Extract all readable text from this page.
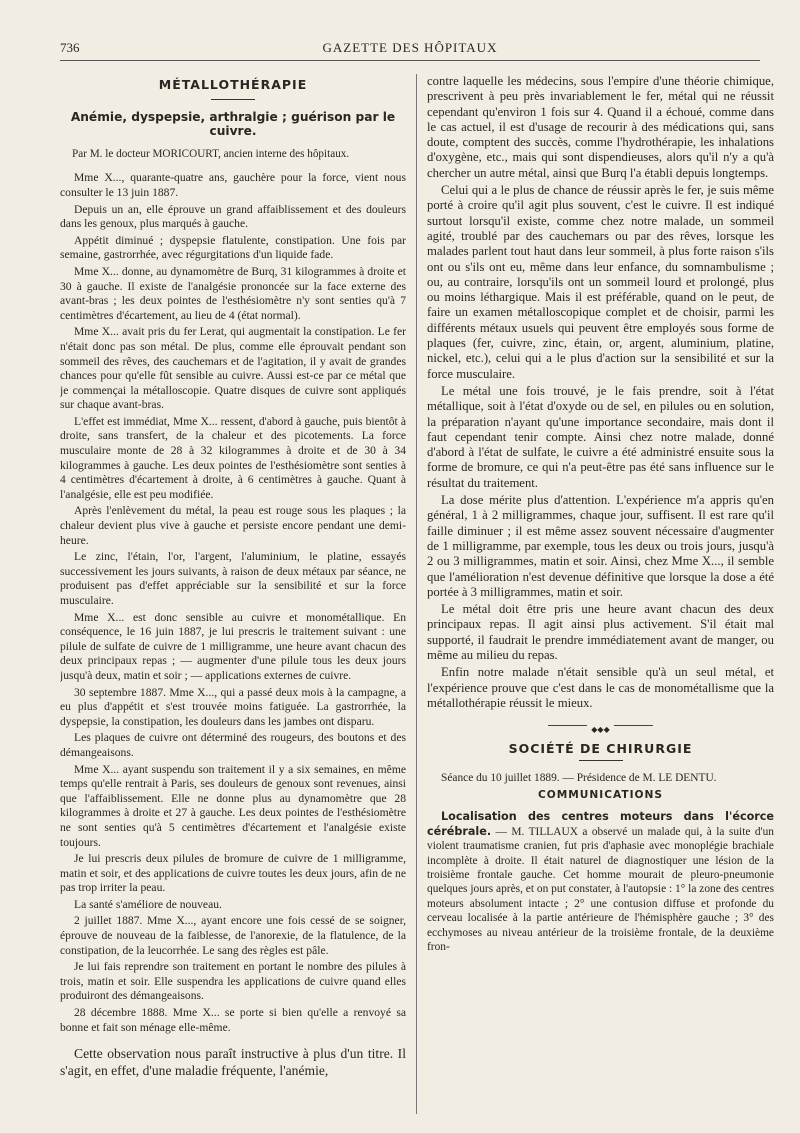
736	GAZETTE DES HÔPITAUX
MÉTALLOTHÉRAPIE
Anémie, dyspepsie, arthralgie ; guérison par le cuivre.
Par M. le docteur MORICOURT, ancien interne des hôpitaux.

Mme X..., quarante-quatre ans, gauchère pour la force, vient nous consulter le 13 juin 1887.

Depuis un an, elle éprouve un grand affaiblissement et des douleurs dans les genoux, plus marqués à gauche.

Appétit diminué ; dyspepsie flatulente, constipation. Une fois par semaine, gastrorrhée, avec régurgitations d'un liquide fade.

Mme X... donne, au dynamomètre de Burq, 31 kilogrammes à droite et 30 à gauche. Il existe de l'analgésie prononcée sur la face externe des avant-bras ; les deux pointes de l'esthésiomètre n'y sont senties qu'à 7 centimètres d'écartement, au lieu de 4 (état normal).

Mme X... avait pris du fer Lerat, qui augmentait la constipation. Le fer n'était donc pas son métal. De plus, comme elle éprouvait pendant son sommeil des rêves, des cauchemars et de l'agitation, il y avait de grandes chances pour qu'elle fût sensible au cuivre. Aussi est-ce par ce métal que je commençai la métalloscopie. Quatre disques de cuivre sont appliqués sur chaque avant-bras.

L'effet est immédiat, Mme X... ressent, d'abord à gauche, puis bientôt à droite, sans transfert, de la chaleur et des picotements. La force musculaire monte de 28 à 32 kilogrammes à droite et de 30 à 34 kilogrammes à gauche. Les deux pointes de l'esthésiomètre sont senties à 4 centimètres d'écartement à droite, à 6 centimètres à gauche. Quant à l'analgésie, elle est peu modifiée.

Après l'enlèvement du métal, la peau est rouge sous les plaques ; la chaleur devient plus vive à gauche et persiste encore pendant une demi-heure.

Le zinc, l'étain, l'or, l'argent, l'aluminium, le platine, essayés successivement les jours suivants, à raison de deux métaux par séance, ne produisent pas d'effet appréciable sur la sensibilité et sur la force musculaire.

Mme X... est donc sensible au cuivre et monométallique. En conséquence, le 16 juin 1887, je lui prescris le traitement suivant : une pilule de sulfate de cuivre de 1 milligramme, une heure avant chacun des deux principaux repas ; — augmenter d'une pilule tous les deux jours jusqu'à deux, matin et soir ; — applications externes de cuivre.

30 septembre 1887. Mme X..., qui a passé deux mois à la campagne, a eu plus d'appétit et s'est trouvée moins fatiguée. La gastrorrhée, la dyspepsie, la constipation, les douleurs dans les jambes ont disparu.

Les plaques de cuivre ont déterminé des rougeurs, des boutons et des démangeaisons.

Mme X... ayant suspendu son traitement il y a six semaines, en même temps qu'elle rentrait à Paris, ses douleurs de genoux sont revenues, ainsi que l'affaiblissement. Elle ne donne plus au dynamomètre que 28 kilogrammes à droite et 27 à gauche. Les deux pointes de l'esthésiomètre ne sont senties qu'à 5 centimètres d'écartement et l'analgésie existe toujours.

Je lui prescris deux pilules de bromure de cuivre de 1 milligramme, matin et soir, et des applications de cuivre toutes les deux jours, afin de ne pas trop irriter la peau.

La santé s'améliore de nouveau.

2 juillet 1887. Mme X..., ayant encore une fois cessé de se soigner, éprouve de nouveau de la faiblesse, de l'anorexie, de la flatulence, de la constipation, de la leucorrhée. Le sang des règles est pâle.

Je lui fais reprendre son traitement en portant le nombre des pilules à trois, matin et soir. Elle suspendra les applications de cuivre quand elles produiront des démangeaisons.

28 décembre 1888. Mme X... se porte si bien qu'elle a renvoyé sa bonne et fait son ménage elle-même.

Cette observation nous paraît instructive à plus d'un titre. Il s'agit, en effet, d'une maladie fréquente, l'anémie,

contre laquelle les médecins, sous l'empire d'une théorie chimique, prescrivent à peu près invariablement le fer, métal qui ne réussit cependant qu'environ 1 fois sur 4. Quand il a échoué, comme dans le cas actuel, il est d'usage de recourir à des médications qui, sans doute, comptent des succès, comme l'hydrothérapie, les inhalations d'oxygène, etc., mais qui sont dispendieuses, alors qu'il n'y a qu'à chercher un autre métal, ainsi que Burq l'a établi depuis longtemps.

Celui qui a le plus de chance de réussir après le fer, je suis même porté à croire qu'il agit plus souvent, c'est le cuivre. Il est indiqué surtout lorsqu'il existe, comme chez notre malade, un sommeil agité, troublé par des cauchemars ou par des rêves, lorsque les malades parlent tout haut dans leur sommeil, à plus forte raison s'ils ont ou s'ils ont eu, même dans leur enfance, du somnambulisme ; ou, au contraire, lorsqu'ils ont un sommeil lourd et prolongé, plus ou moins léthargique. Mais il est préférable, quand on le peut, de faire un examen métalloscopique complet et de choisir, parmi les différents métaux usuels qui peuvent être employés sous forme de plaques (fer, cuivre, zinc, étain, or, argent, aluminium, platine, nickel, etc.), celui qui a le plus d'action sur la sensibilité et sur la force musculaire.

Le métal une fois trouvé, je le fais prendre, soit à l'état métallique, soit à l'état d'oxyde ou de sel, en pilules ou en solution, la préparation n'ayant qu'une importance secondaire, mais dont il faut cependant tenir compte. Ainsi chez notre malade, donné d'abord à l'état de sulfate, le cuivre a été administré ensuite sous la forme de bromure, ce qui n'a peut-être pas été sans influence sur le résultat du traitement.

La dose mérite plus d'attention. L'expérience m'a appris qu'en général, 1 à 2 milligrammes, chaque jour, suffisent. Il est rare qu'il faille diminuer ; il est même assez souvent nécessaire d'augmenter de 1 milligramme, par exemple, tous les deux ou trois jours, jusqu'à 2 ou 3 milligrammes, matin et soir. Ainsi, chez Mme X..., il semble que l'amélioration n'est devenue définitive que lorsque la dose a été portée à 3 milligrammes, matin et soir.

Le métal doit être pris une heure avant chacun des deux principaux repas. Il agit ainsi plus activement. S'il était mal supporté, il faudrait le prendre immédiatement avant de manger, ou même au milieu du repas.

Enfin notre malade n'était sensible qu'à un seul métal, et l'expérience prouve que c'est dans le cas de monométallisme que la métallothérapie réussit le mieux.

◆◆◆
SOCIÉTÉ DE CHIRURGIE

Séance du 10 juillet 1889. — Présidence de M. LE DENTU.

COMMUNICATIONS

Localisation des centres moteurs dans l'écorce cérébrale. — M. TILLAUX a observé un malade qui, à la suite d'un violent traumatisme cranien, fut pris d'aphasie avec monoplégie brachiale incomplète à droite. Il était naturel de diagnostiquer une lésion de la troisième frontale gauche. Cet homme mourait de pleuro-pneumonie quelques jours après, et on put constater, à l'autopsie : 1° la zone des centres moteurs absolument intacte ; 2° une contusion diffuse et profonde du cerveau localisée à la partie antérieure de l'hémisphère gauche ; 3° des ecchymoses au niveau antérieur de la troisième frontale, de la deuxième fron-
